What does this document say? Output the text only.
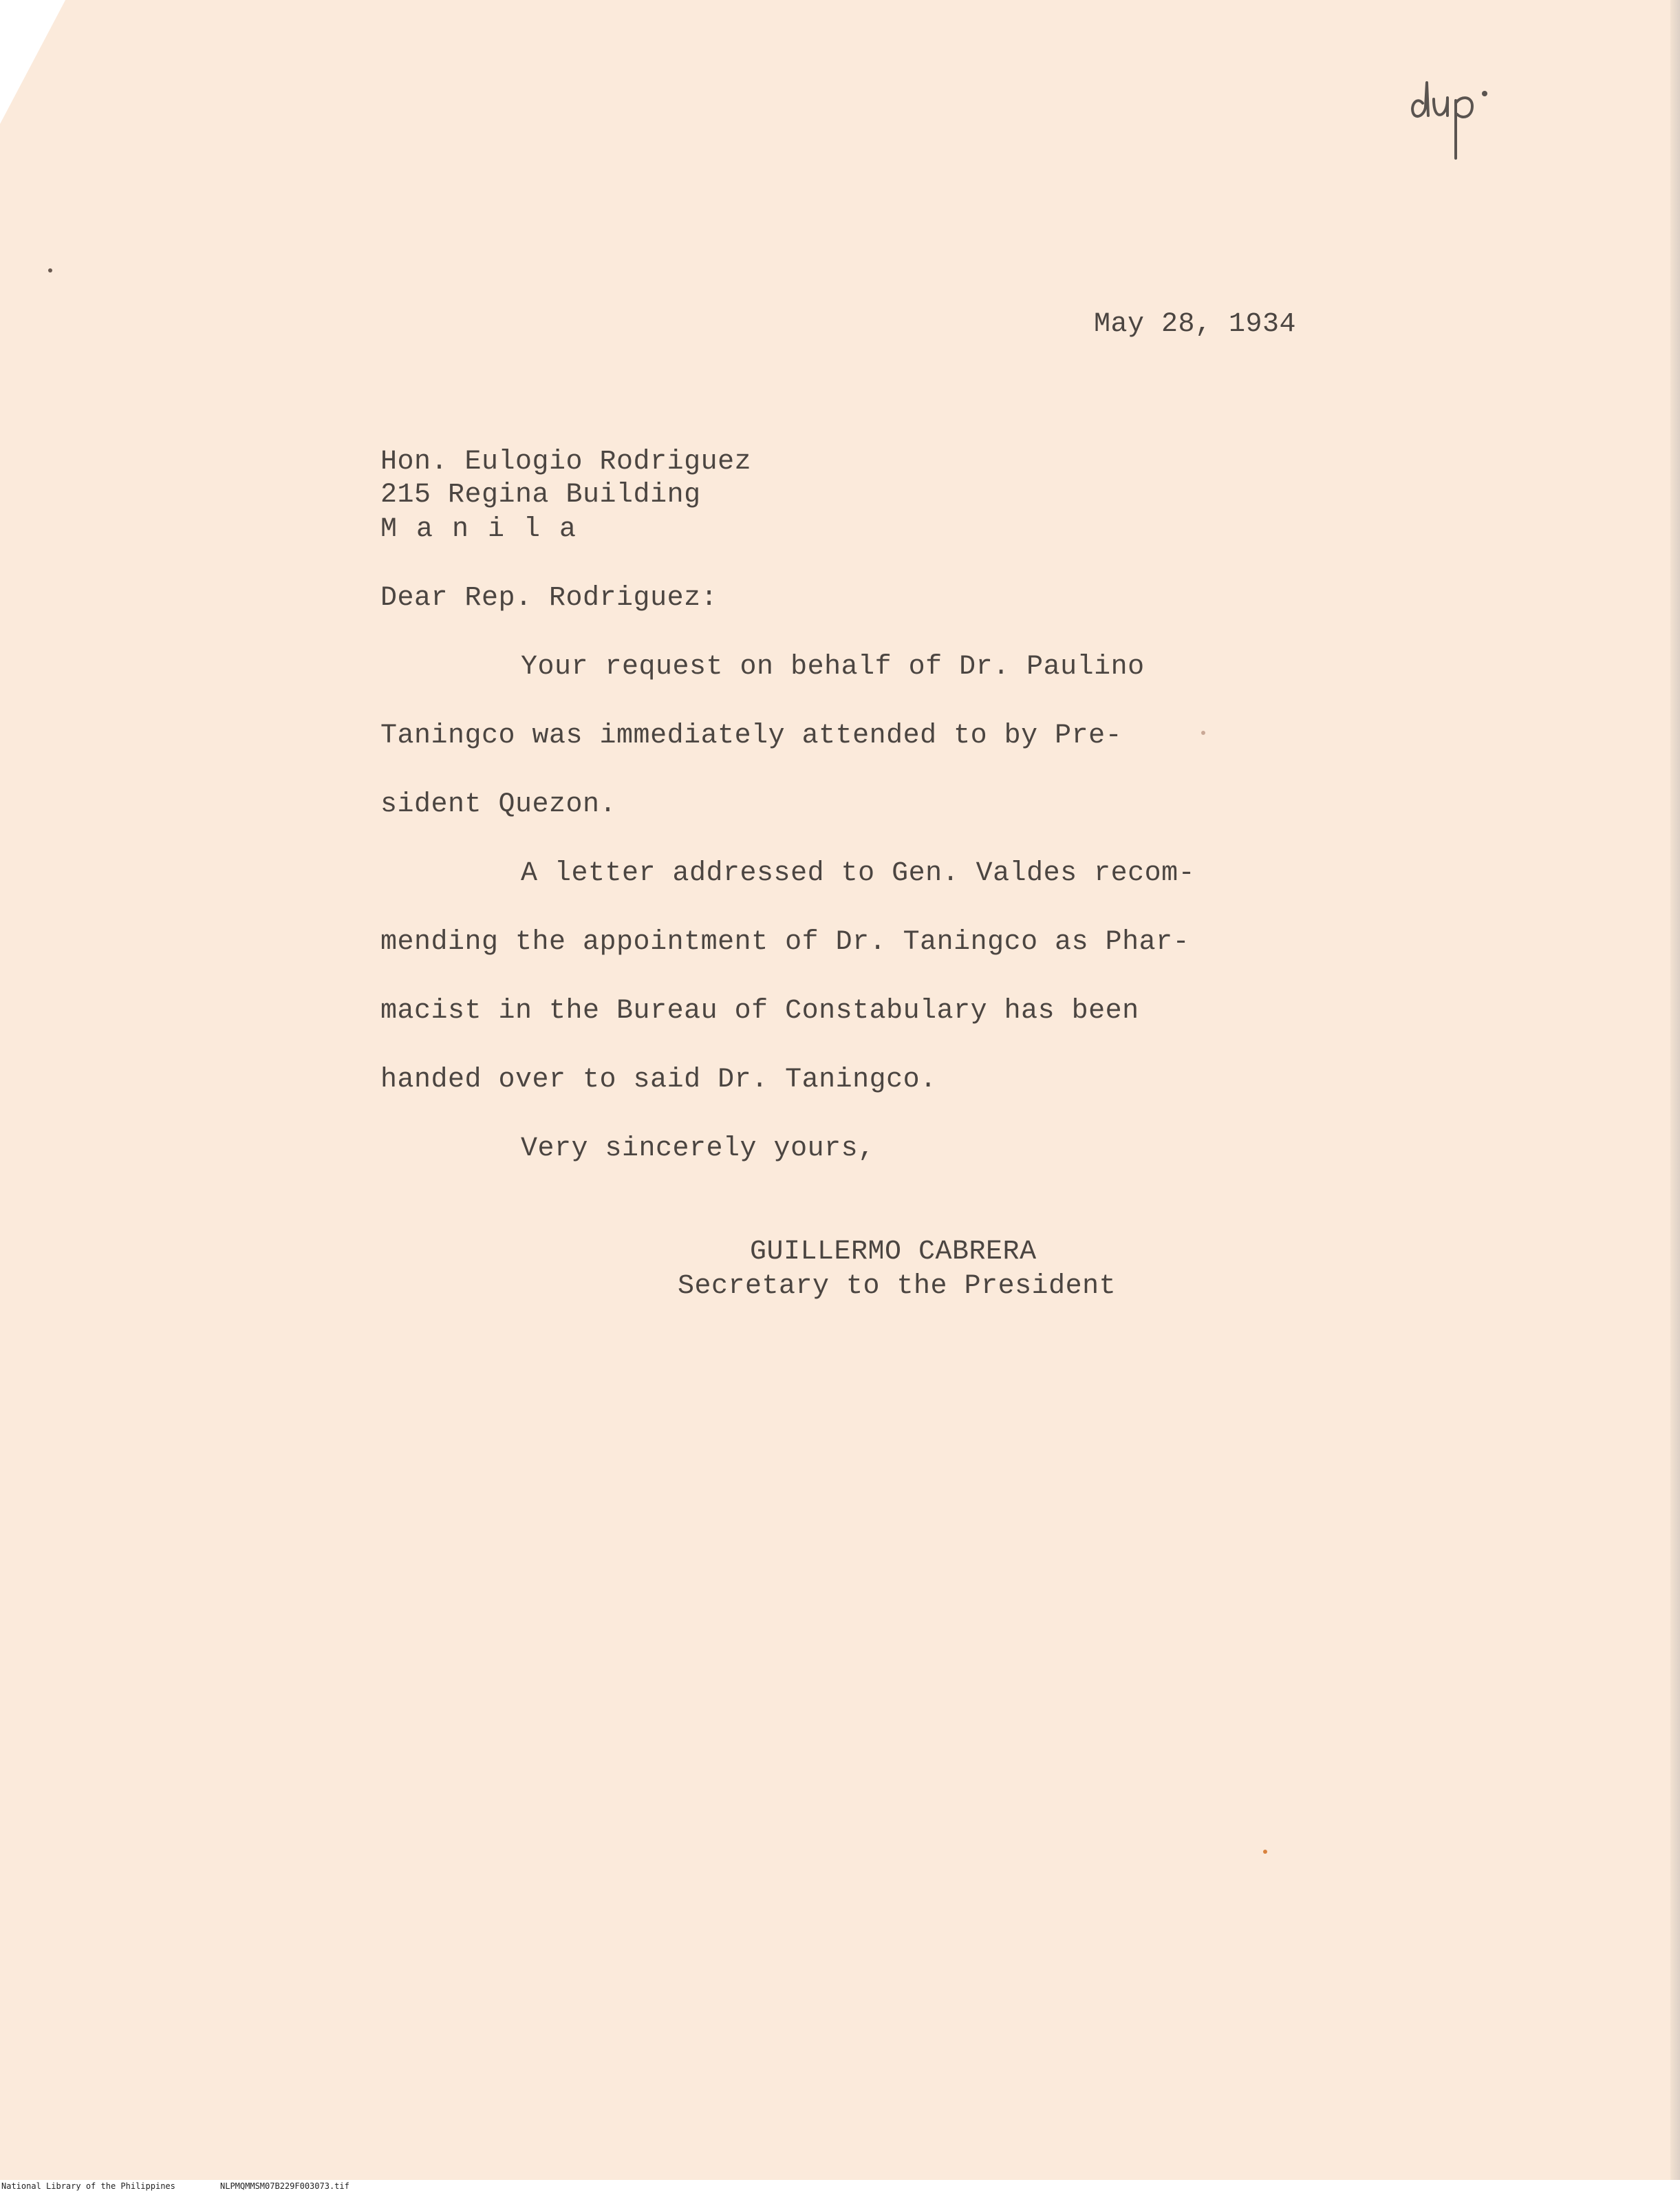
May 28, 1934

Hon. Eulogio Rodriguez

215 Regina Building

M a n i l a

Dear Rep. Rodriguez:

Your request on behalf of Dr. Paulino

Taningco was immediately attended to by Pre-

sident Quezon.

A letter addressed to Gen. Valdes recom-

mending the appointment of Dr. Taningco as Phar-

macist in the Bureau of Constabulary has been

handed over to said Dr. Taningco.

Very sincerely yours,

GUILLERMO CABRERA

Secretary to the President

National Library of the Philippines	NLPMQMMSM07B229F003073.tif
